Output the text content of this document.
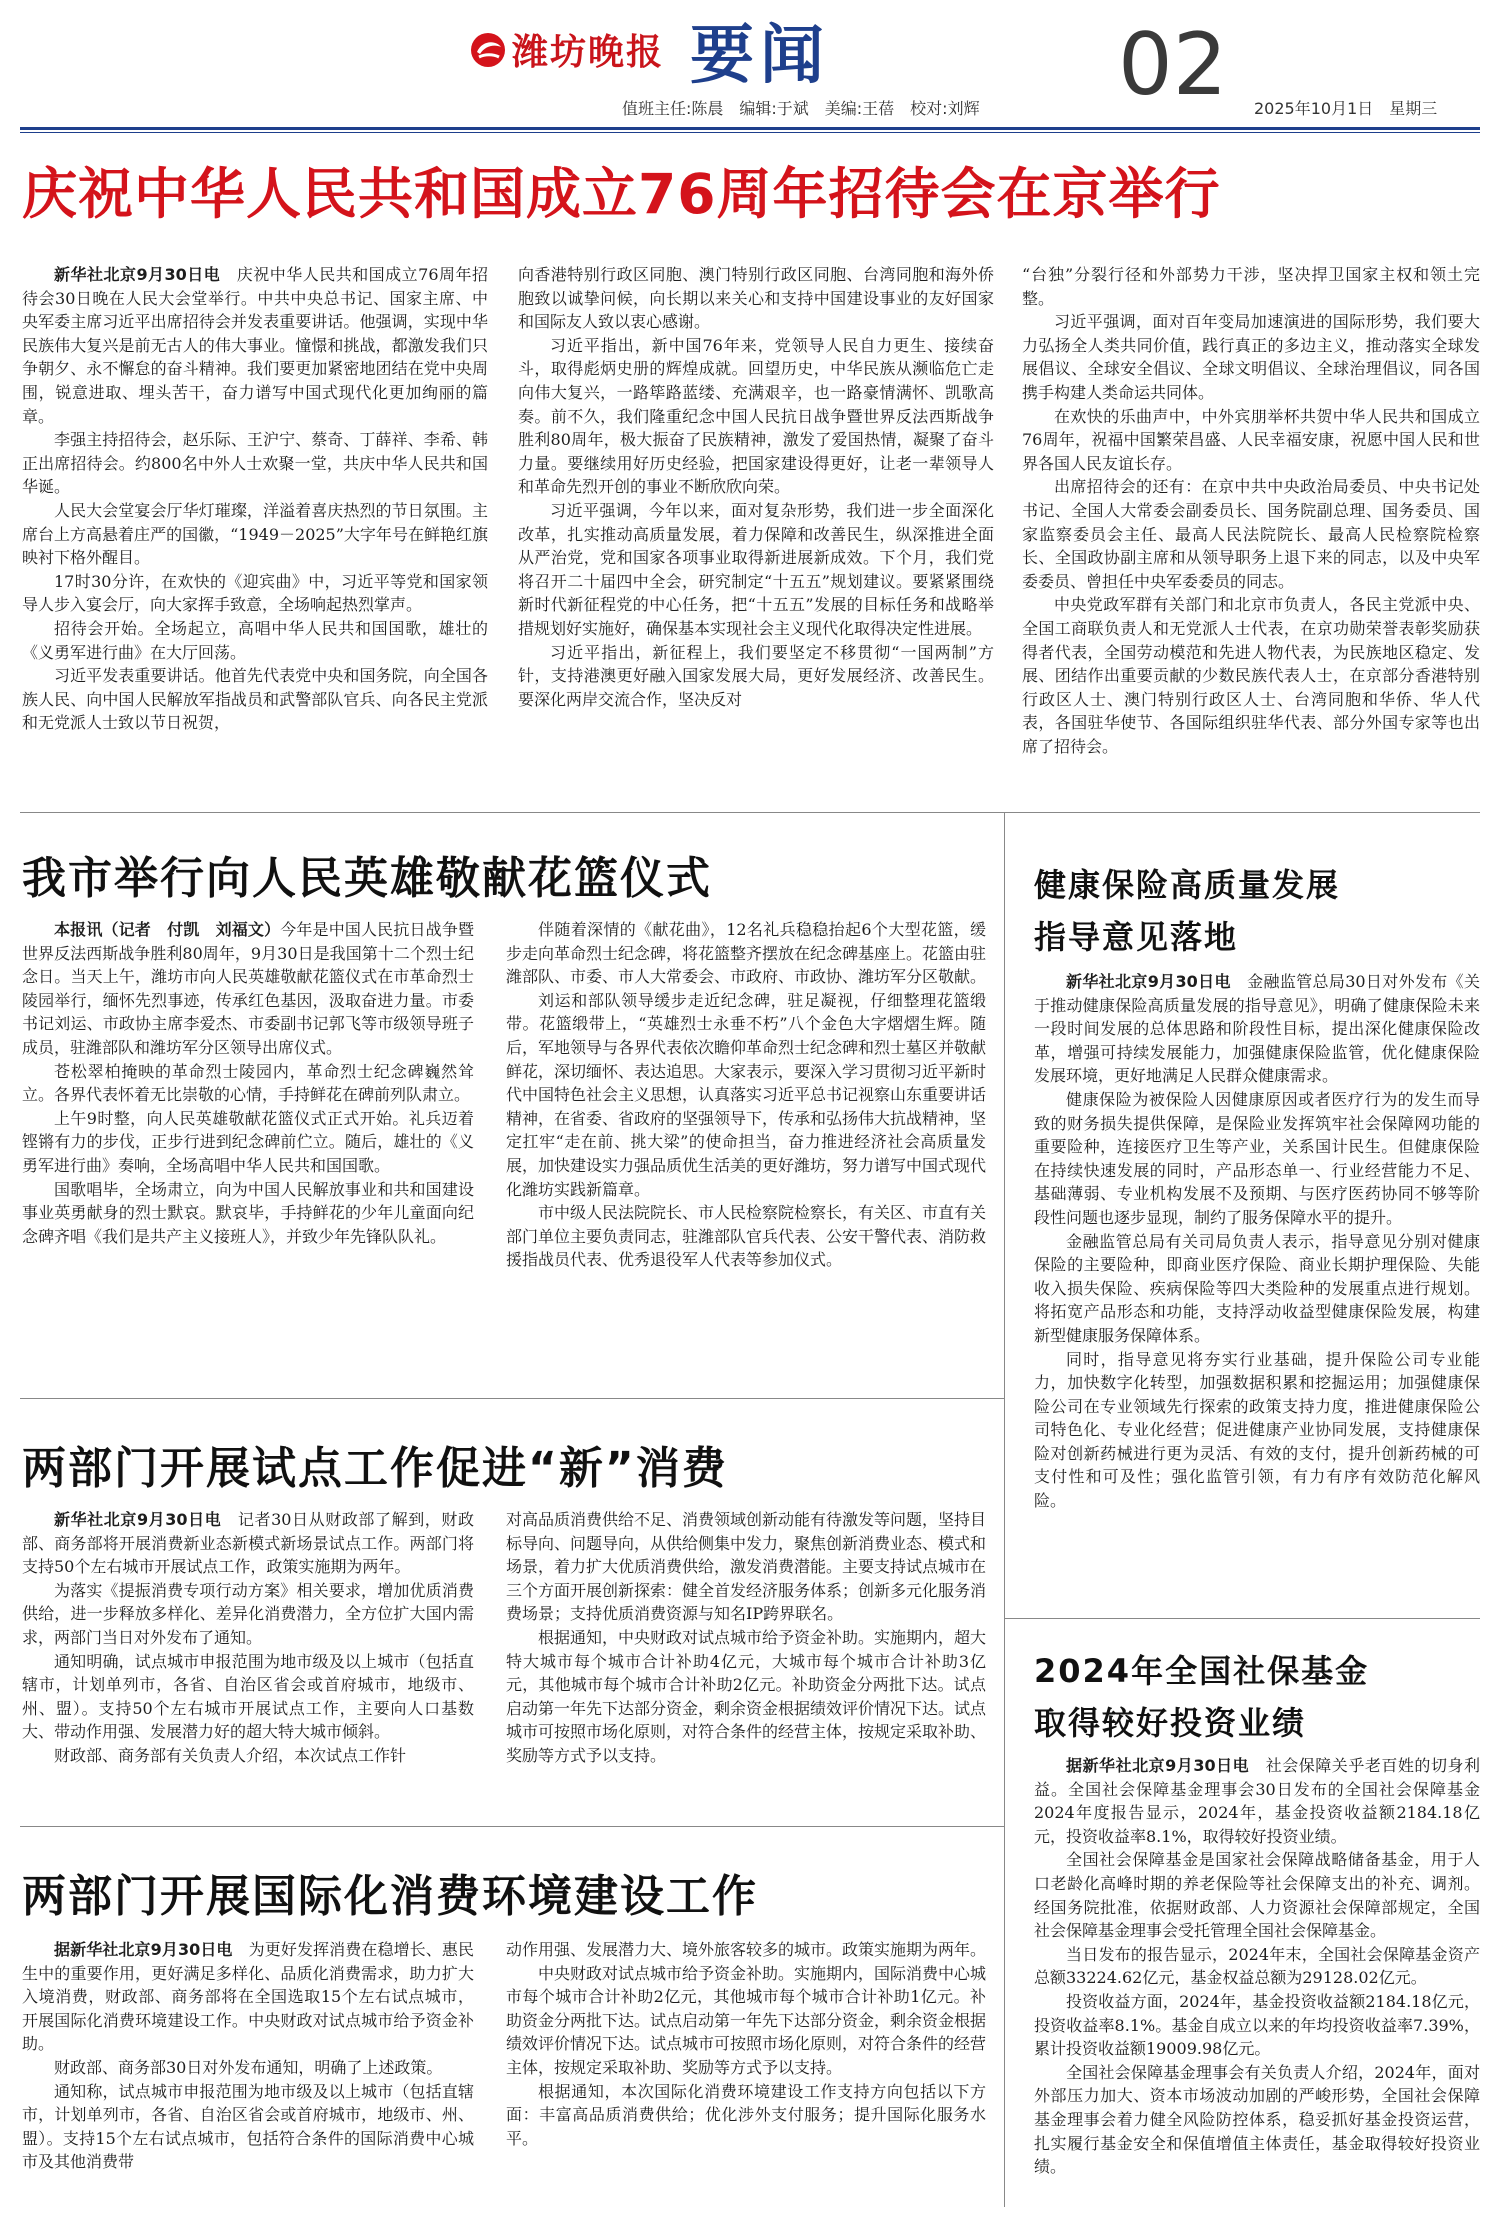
潍坊晚报 要闻	02
值班主任:陈晨　编辑:于斌　美编:王蓓　校对:刘辉	2025年10月1日　星期三
庆祝中华人民共和国成立76周年招待会在京举行

新华社北京9月30日电　 庆祝中华人民共和国成立76周年招待会30日晚在人民大会堂举行。中共中央总书记、国家主席、中央军委主席习近平出席招待会并发表重要讲话。他强调，实现中华民族伟大复兴是前无古人的伟大事业。憧憬和挑战，都激发我们只争朝夕、永不懈怠的奋斗精神。我们要更加紧密地团结在党中央周围，锐意进取、埋头苦干，奋力谱写中国式现代化更加绚丽的篇章。

李强主持招待会，赵乐际、王沪宁、蔡奇、丁薛祥、李希、韩正出席招待会。约800名中外人士欢聚一堂，共庆中华人民共和国华诞。

人民大会堂宴会厅华灯璀璨，洋溢着喜庆热烈的节日氛围。主席台上方高悬着庄严的国徽，“1949－2025”大字年号在鲜艳红旗映衬下格外醒目。

17时30分许，在欢快的《迎宾曲》中，习近平等党和国家领导人步入宴会厅，向大家挥手致意，全场响起热烈掌声。

招待会开始。全场起立，高唱中华人民共和国国歌，雄壮的《义勇军进行曲》在大厅回荡。

习近平发表重要讲话。他首先代表党中央和国务院，向全国各族人民、向中国人民解放军指战员和武警部队官兵、向各民主党派和无党派人士致以节日祝贺，

向香港特别行政区同胞、澳门特别行政区同胞、台湾同胞和海外侨胞致以诚挚问候，向长期以来关心和支持中国建设事业的友好国家和国际友人致以衷心感谢。

习近平指出，新中国76年来，党领导人民自力更生、接续奋斗，取得彪炳史册的辉煌成就。回望历史，中华民族从濒临危亡走向伟大复兴，一路筚路蓝缕、充满艰辛，也一路豪情满怀、凯歌高奏。前不久，我们隆重纪念中国人民抗日战争暨世界反法西斯战争胜利80周年，极大振奋了民族精神，激发了爱国热情，凝聚了奋斗力量。要继续用好历史经验，把国家建设得更好，让老一辈领导人和革命先烈开创的事业不断欣欣向荣。

习近平强调，今年以来，面对复杂形势，我们进一步全面深化改革，扎实推动高质量发展，着力保障和改善民生，纵深推进全面从严治党，党和国家各项事业取得新进展新成效。下个月，我们党将召开二十届四中全会，研究制定“十五五”规划建议。要紧紧围绕新时代新征程党的中心任务，把“十五五”发展的目标任务和战略举措规划好实施好，确保基本实现社会主义现代化取得决定性进展。

习近平指出，新征程上，我们要坚定不移贯彻“一国两制”方针，支持港澳更好融入国家发展大局，更好发展经济、改善民生。要深化两岸交流合作，坚决反对

“台独”分裂行径和外部势力干涉，坚决捍卫国家主权和领土完整。

习近平强调，面对百年变局加速演进的国际形势，我们要大力弘扬全人类共同价值，践行真正的多边主义，推动落实全球发展倡议、全球安全倡议、全球文明倡议、全球治理倡议，同各国携手构建人类命运共同体。

在欢快的乐曲声中，中外宾朋举杯共贺中华人民共和国成立76周年，祝福中国繁荣昌盛、人民幸福安康，祝愿中国人民和世界各国人民友谊长存。

出席招待会的还有：在京中共中央政治局委员、中央书记处书记、全国人大常委会副委员长、国务院副总理、国务委员、国家监察委员会主任、最高人民法院院长、最高人民检察院检察长、全国政协副主席和从领导职务上退下来的同志，以及中央军委委员、曾担任中央军委委员的同志。

中央党政军群有关部门和北京市负责人，各民主党派中央、全国工商联负责人和无党派人士代表，在京功勋荣誉表彰奖励获得者代表，全国劳动模范和先进人物代表，为民族地区稳定、发展、团结作出重要贡献的少数民族代表人士，在京部分香港特别行政区人士、澳门特别行政区人士、台湾同胞和华侨、华人代表，各国驻华使节、各国际组织驻华代表、部分外国专家等也出席了招待会。

我市举行向人民英雄敬献花篮仪式

本报讯（记者　付凯　刘福文）今年是中国人民抗日战争暨世界反法西斯战争胜利80周年，9月30日是我国第十二个烈士纪念日。当天上午，潍坊市向人民英雄敬献花篮仪式在市革命烈士陵园举行，缅怀先烈事迹，传承红色基因，汲取奋进力量。市委书记刘运、市政协主席李爱杰、市委副书记郭飞等市级领导班子成员，驻潍部队和潍坊军分区领导出席仪式。

苍松翠柏掩映的革命烈士陵园内，革命烈士纪念碑巍然耸立。各界代表怀着无比崇敬的心情，手持鲜花在碑前列队肃立。

上午9时整，向人民英雄敬献花篮仪式正式开始。礼兵迈着铿锵有力的步伐，正步行进到纪念碑前伫立。随后，雄壮的《义勇军进行曲》奏响，全场高唱中华人民共和国国歌。

国歌唱毕，全场肃立，向为中国人民解放事业和共和国建设事业英勇献身的烈士默哀。默哀毕，手持鲜花的少年儿童面向纪念碑齐唱《我们是共产主义接班人》，并致少年先锋队队礼。

伴随着深情的《献花曲》，12名礼兵稳稳抬起6个大型花篮，缓步走向革命烈士纪念碑，将花篮整齐摆放在纪念碑基座上。花篮由驻潍部队、市委、市人大常委会、市政府、市政协、潍坊军分区敬献。

刘运和部队领导缓步走近纪念碑，驻足凝视，仔细整理花篮缎带。花篮缎带上，“英雄烈士永垂不朽”八个金色大字熠熠生辉。随后，军地领导与各界代表依次瞻仰革命烈士纪念碑和烈士墓区并敬献鲜花，深切缅怀、表达追思。大家表示，要深入学习贯彻习近平新时代中国特色社会主义思想，认真落实习近平总书记视察山东重要讲话精神，在省委、省政府的坚强领导下，传承和弘扬伟大抗战精神，坚定扛牢“走在前、挑大梁”的使命担当，奋力推进经济社会高质量发展，加快建设实力强品质优生活美的更好潍坊，努力谱写中国式现代化潍坊实践新篇章。

市中级人民法院院长、市人民检察院检察长，有关区、市直有关部门单位主要负责同志，驻潍部队官兵代表、公安干警代表、消防救援指战员代表、优秀退役军人代表等参加仪式。

两部门开展试点工作促进“新”消费

新华社北京9月30日电　 记者30日从财政部了解到，财政部、商务部将开展消费新业态新模式新场景试点工作。两部门将支持50个左右城市开展试点工作，政策实施期为两年。

为落实《提振消费专项行动方案》相关要求，增加优质消费供给，进一步释放多样化、差异化消费潜力，全方位扩大国内需求，两部门当日对外发布了通知。

通知明确，试点城市申报范围为地市级及以上城市（包括直辖市，计划单列市，各省、自治区省会或首府城市，地级市、州、盟）。支持50个左右城市开展试点工作，主要向人口基数大、带动作用强、发展潜力好的超大特大城市倾斜。

财政部、商务部有关负责人介绍，本次试点工作针

对高品质消费供给不足、消费领域创新动能有待激发等问题，坚持目标导向、问题导向，从供给侧集中发力，聚焦创新消费业态、模式和场景，着力扩大优质消费供给，激发消费潜能。主要支持试点城市在三个方面开展创新探索：健全首发经济服务体系；创新多元化服务消费场景；支持优质消费资源与知名IP跨界联名。

根据通知，中央财政对试点城市给予资金补助。实施期内，超大特大城市每个城市合计补助4亿元，大城市每个城市合计补助3亿元，其他城市每个城市合计补助2亿元。补助资金分两批下达。试点启动第一年先下达部分资金，剩余资金根据绩效评价情况下达。试点城市可按照市场化原则，对符合条件的经营主体，按规定采取补助、奖励等方式予以支持。

两部门开展国际化消费环境建设工作

据新华社北京9月30日电　 为更好发挥消费在稳增长、惠民生中的重要作用，更好满足多样化、品质化消费需求，助力扩大入境消费，财政部、商务部将在全国选取15个左右试点城市，开展国际化消费环境建设工作。中央财政对试点城市给予资金补助。

财政部、商务部30日对外发布通知，明确了上述政策。

通知称，试点城市申报范围为地市级及以上城市（包括直辖市，计划单列市，各省、自治区省会或首府城市，地级市、州、盟）。支持15个左右试点城市，包括符合条件的国际消费中心城市及其他消费带

动作用强、发展潜力大、境外旅客较多的城市。政策实施期为两年。

中央财政对试点城市给予资金补助。实施期内，国际消费中心城市每个城市合计补助2亿元，其他城市每个城市合计补助1亿元。补助资金分两批下达。试点启动第一年先下达部分资金，剩余资金根据绩效评价情况下达。试点城市可按照市场化原则，对符合条件的经营主体，按规定采取补助、奖励等方式予以支持。

根据通知，本次国际化消费环境建设工作支持方向包括以下方面：丰富高品质消费供给；优化涉外支付服务；提升国际化服务水平。

健康保险高质量发展
指导意见落地

新华社北京9月30日电　 金融监管总局30日对外发布《关于推动健康保险高质量发展的指导意见》，明确了健康保险未来一段时间发展的总体思路和阶段性目标，提出深化健康保险改革，增强可持续发展能力，加强健康保险监管，优化健康保险发展环境，更好地满足人民群众健康需求。

健康保险为被保险人因健康原因或者医疗行为的发生而导致的财务损失提供保障，是保险业发挥筑牢社会保障网功能的重要险种，连接医疗卫生等产业，关系国计民生。但健康保险在持续快速发展的同时，产品形态单一、行业经营能力不足、基础薄弱、专业机构发展不及预期、与医疗医药协同不够等阶段性问题也逐步显现，制约了服务保障水平的提升。

金融监管总局有关司局负责人表示，指导意见分别对健康保险的主要险种，即商业医疗保险、商业长期护理保险、失能收入损失保险、疾病保险等四大类险种的发展重点进行规划。将拓宽产品形态和功能，支持浮动收益型健康保险发展，构建新型健康服务保障体系。

同时，指导意见将夯实行业基础，提升保险公司专业能力，加快数字化转型，加强数据积累和挖掘运用；加强健康保险公司在专业领域先行探索的政策支持力度，推进健康保险公司特色化、专业化经营；促进健康产业协同发展，支持健康保险对创新药械进行更为灵活、有效的支付，提升创新药械的可支付性和可及性；强化监管引领，有力有序有效防范化解风险。

2024年全国社保基金
取得较好投资业绩

据新华社北京9月30日电　 社会保障关乎老百姓的切身利益。全国社会保障基金理事会30日发布的全国社会保障基金2024年度报告显示，2024年，基金投资收益额2184.18亿元，投资收益率8.1%，取得较好投资业绩。

全国社会保障基金是国家社会保障战略储备基金，用于人口老龄化高峰时期的养老保险等社会保障支出的补充、调剂。经国务院批准，依据财政部、人力资源社会保障部规定，全国社会保障基金理事会受托管理全国社会保障基金。

当日发布的报告显示，2024年末，全国社会保障基金资产总额33224.62亿元，基金权益总额为29128.02亿元。

投资收益方面，2024年，基金投资收益额2184.18亿元，投资收益率8.1%。基金自成立以来的年均投资收益率7.39%，累计投资收益额19009.98亿元。

全国社会保障基金理事会有关负责人介绍，2024年，面对外部压力加大、资本市场波动加剧的严峻形势，全国社会保障基金理事会着力健全风险防控体系，稳妥抓好基金投资运营，扎实履行基金安全和保值增值主体责任，基金取得较好投资业绩。
